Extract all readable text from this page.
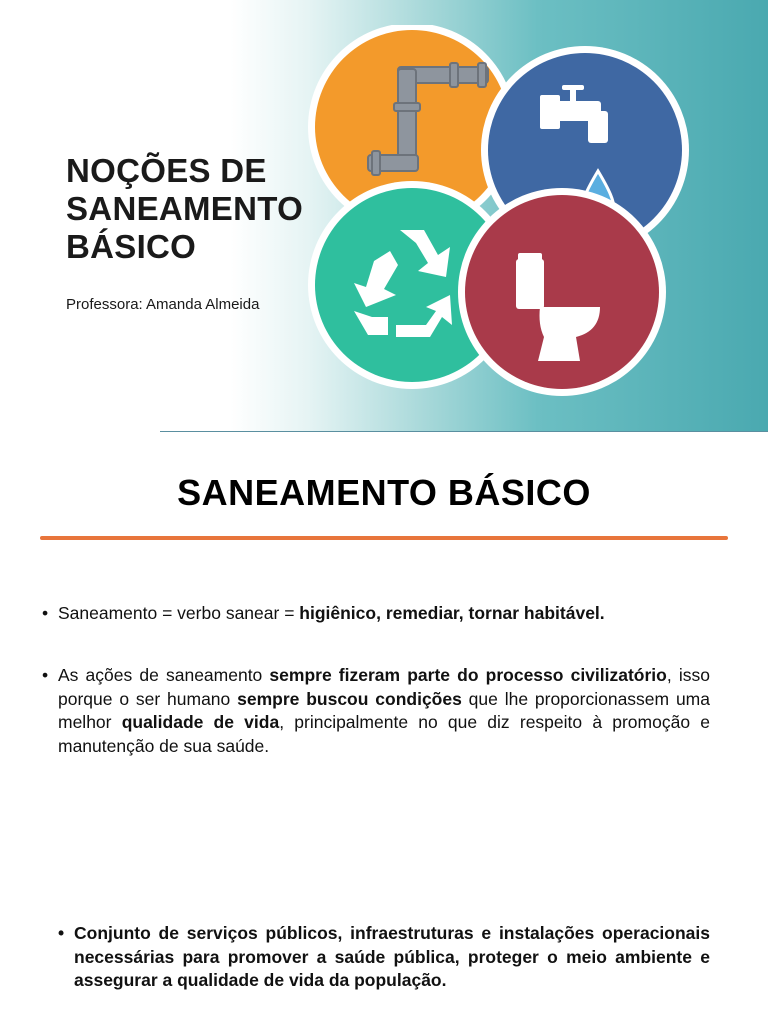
NOÇÕES DE
SANEAMENTO
BÁSICO

Professora: Amanda Almeida

SANEAMENTO BÁSICO
• Saneamento = verbo sanear = higiênico, remediar, tornar habitável.
• As ações de saneamento sempre fizeram parte do processo civilizatório, isso porque o ser humano sempre buscou condições que lhe proporcionassem uma melhor qualidade de vida, principalmente no que diz respeito à promoção e manutenção de sua saúde.
• Conjunto de serviços públicos, infraestruturas e instalações operacionais necessárias para promover a saúde pública, proteger o meio ambiente e assegurar a qualidade de vida da população.
